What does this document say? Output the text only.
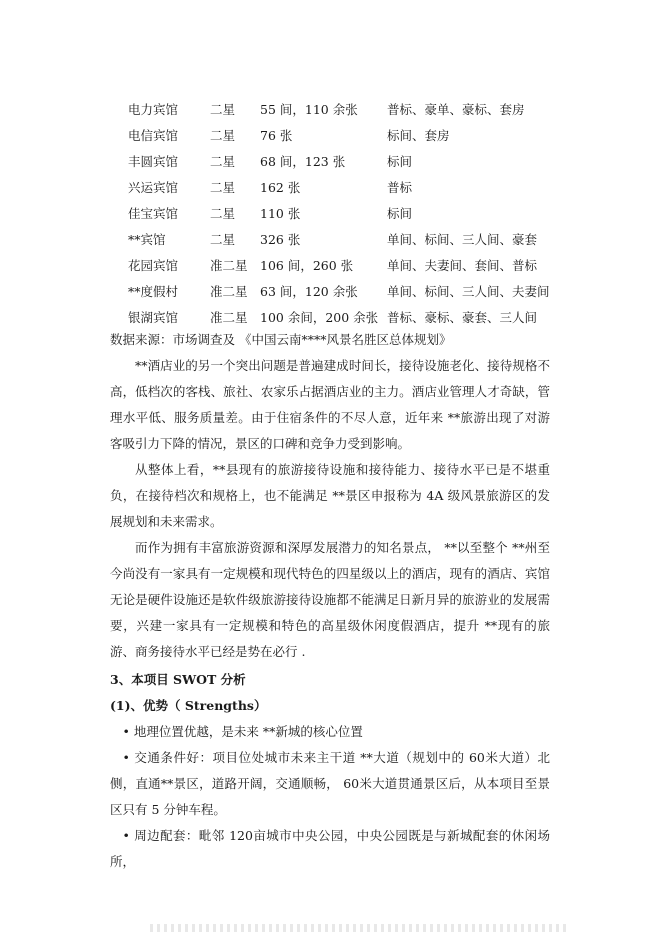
电力宾馆	二星	55 间，110 余张	普标、豪单、豪标、套房
电信宾馆	二星	76 张	标间、套房
丰圆宾馆	二星	68 间，123 张	标间
兴运宾馆	二星	162 张	普标
佳宝宾馆	二星	110 张	标间
**宾馆	二星	326 张	单间、标间、三人间、豪套
花园宾馆	准二星	106 间，260 张	单间、夫妻间、套间、普标
**度假村	准二星	63 间，120 余张	单间、标间、三人间、夫妻间
银湖宾馆	准二星	100 余间，200 余张	普标、豪标、豪套、三人间
数据来源：市场调查及 《中国云南****风景名胜区总体规划》

**酒店业的另一个突出问题是普遍建成时间长，接待设施老化、接待规格不高，低档次的客栈、旅社、农家乐占据酒店业的主力。酒店业管理人才奇缺，管理水平低、服务质量差。由于住宿条件的不尽人意，近年来 **旅游出现了对游客吸引力下降的情况，景区的口碑和竞争力受到影响。

从整体上看，**县现有的旅游接待设施和接待能力、接待水平已是不堪重负，在接待档次和规格上，也不能满足 **景区申报称为 4A 级风景旅游区的发展规划和未来需求。

而作为拥有丰富旅游资源和深厚发展潜力的知名景点， **以至整个 **州至今尚没有一家具有一定规模和现代特色的四星级以上的酒店，现有的酒店、宾馆无论是硬件设施还是软件级旅游接待设施都不能满足日新月异的旅游业的发展需要，兴建一家具有一定规模和特色的高星级休闲度假酒店，提升 **现有的旅游、商务接待水平已经是势在必行 .

3、本项目 SWOT 分析
(1)、优势（ Strengths）

• 地理位置优越，是未来 **新城的核心位置

• 交通条件好：项目位处城市未来主干道 **大道（规划中的 60米大道）北侧，直通**景区，道路开阔，交通顺畅， 60米大道贯通景区后，从本项目至景区只有 5 分钟车程。

• 周边配套：毗邻 120亩城市中央公园，中央公园既是与新城配套的休闲场所，
